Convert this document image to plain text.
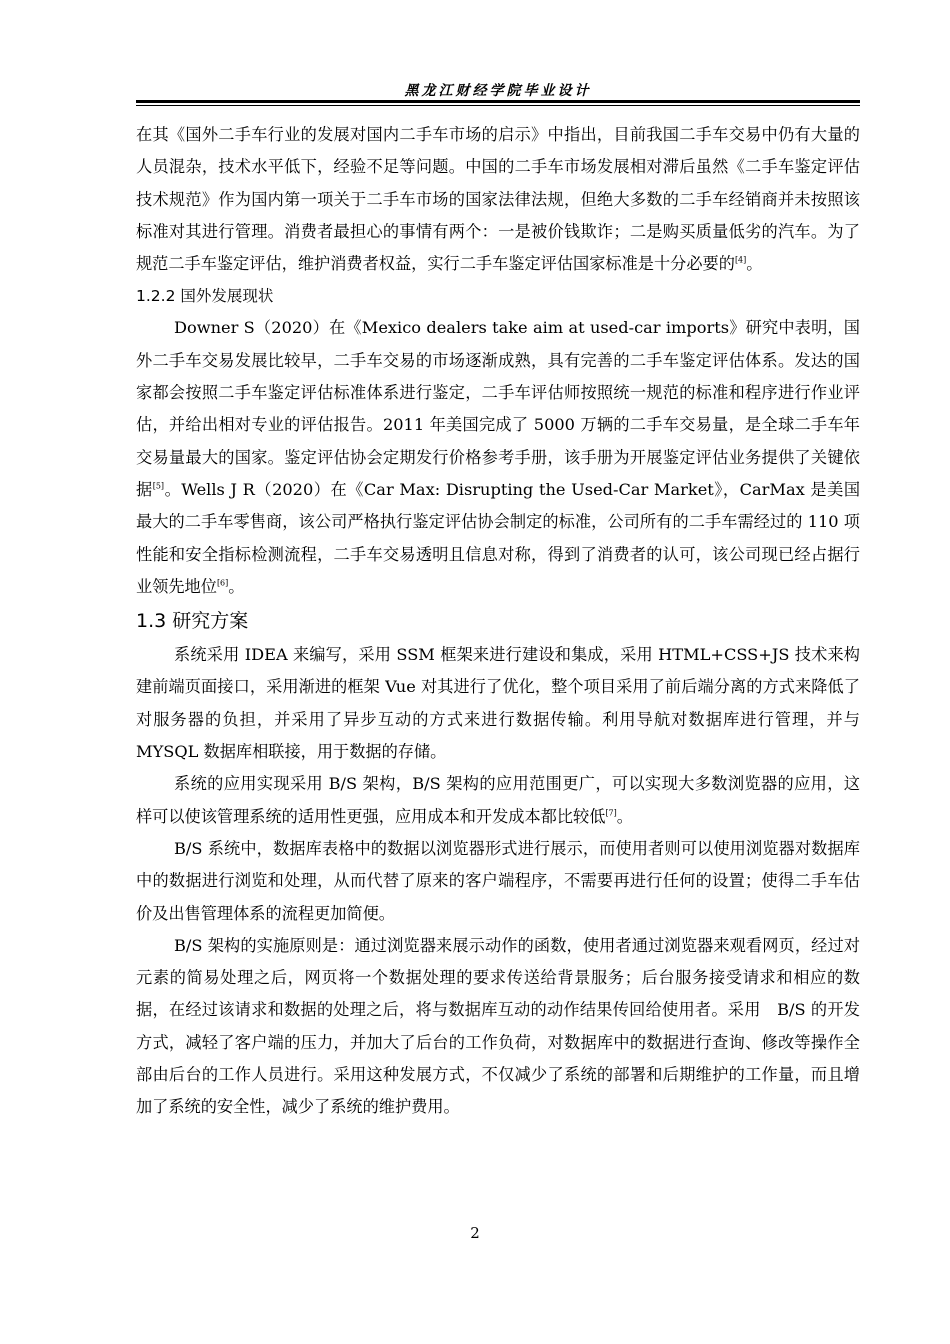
黑龙江财经学院毕业设计

在其《国外二手车行业的发展对国内二手车市场的启示》中指出，目前我国二手车交易中仍有大量的人员混杂，技术水平低下，经验不足等问题。中国的二手车市场发展相对滞后虽然《二手车鉴定评估技术规范》作为国内第一项关于二手车市场的国家法律法规，但绝大多数的二手车经销商并未按照该标准对其进行管理。消费者最担心的事情有两个：一是被价钱欺诈；二是购买质量低劣的汽车。为了规范二手车鉴定评估，维护消费者权益，实行二手车鉴定评估国家标准是十分必要的[4]。

1.2.2 国外发展现状

Downer S（2020）在《Mexico dealers take aim at used-car imports》研究中表明，国外二手车交易发展比较早，二手车交易的市场逐渐成熟，具有完善的二手车鉴定评估体系。发达的国家都会按照二手车鉴定评估标准体系进行鉴定，二手车评估师按照统一规范的标准和程序进行作业评估，并给出相对专业的评估报告。2011 年美国完成了 5000 万辆的二手车交易量，是全球二手车年交易量最大的国家。鉴定评估协会定期发行价格参考手册，该手册为开展鉴定评估业务提供了关键依据[5]。Wells J R（2020）在《Car Max: Disrupting the Used-Car Market》，CarMax 是美国最大的二手车零售商，该公司严格执行鉴定评估协会制定的标准，公司所有的二手车需经过的 110 项性能和安全指标检测流程，二手车交易透明且信息对称，得到了消费者的认可，该公司现已经占据行业领先地位[6]。

1.3 研究方案

系统采用 IDEA 来编写，采用 SSM 框架来进行建设和集成，采用 HTML+CSS+JS 技术来构建前端页面接口，采用渐进的框架 Vue 对其进行了优化，整个项目采用了前后端分离的方式来降低了对服务器的负担，并采用了异步互动的方式来进行数据传输。利用导航对数据库进行管理，并与 MYSQL 数据库相联接，用于数据的存储。

系统的应用实现采用 B/S 架构，B/S 架构的应用范围更广，可以实现大多数浏览器的应用，这样可以使该管理系统的适用性更强，应用成本和开发成本都比较低[7]。

B/S 系统中，数据库表格中的数据以浏览器形式进行展示，而使用者则可以使用浏览器对数据库中的数据进行浏览和处理，从而代替了原来的客户端程序，不需要再进行任何的设置；使得二手车估价及出售管理体系的流程更加简便。

B/S 架构的实施原则是：通过浏览器来展示动作的函数，使用者通过浏览器来观看网页，经过对元素的简易处理之后，网页将一个数据处理的要求传送给背景服务；后台服务接受请求和相应的数据，在经过该请求和数据的处理之后，将与数据库互动的动作结果传回给使用者。采用　B/S 的开发方式，减轻了客户端的压力，并加大了后台的工作负荷，对数据库中的数据进行查询、修改等操作全部由后台的工作人员进行。采用这种发展方式，不仅减少了系统的部署和后期维护的工作量，而且增加了系统的安全性，减少了系统的维护费用。

2
